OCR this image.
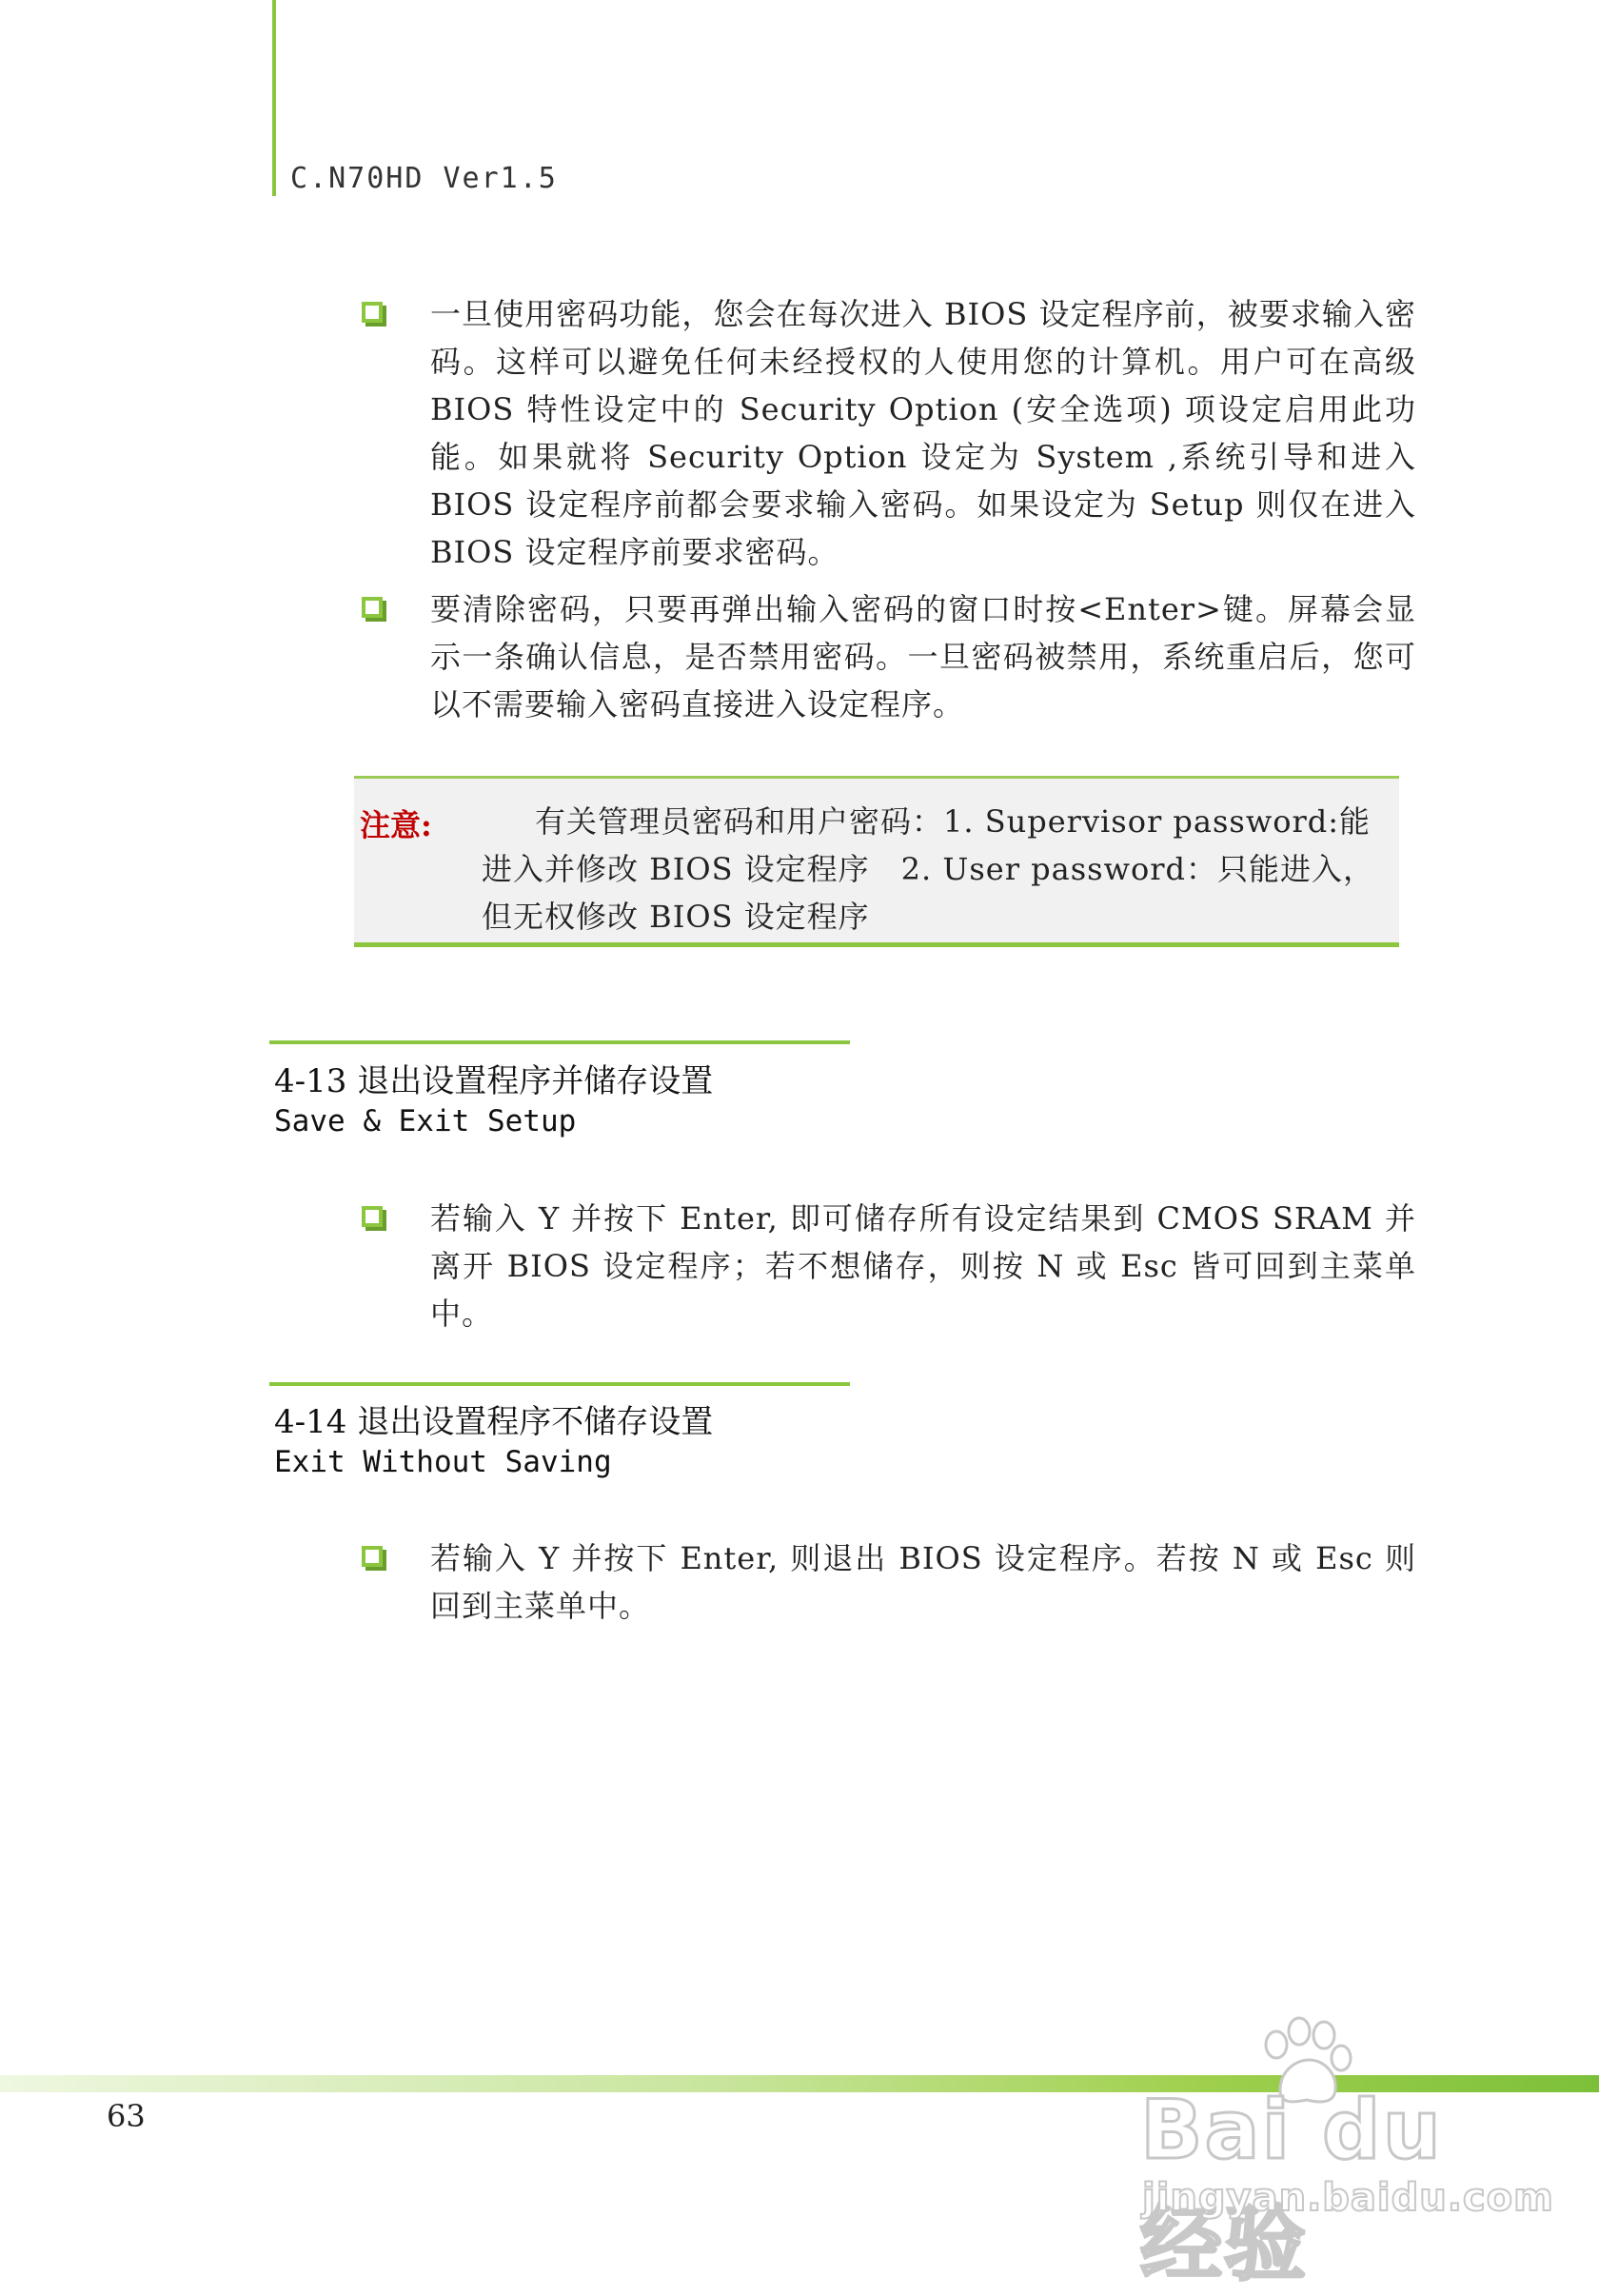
C.N70HD Ver1.5
一旦使用密码功能，您会在每次进入 BIOS 设定程序前，被要求输入密码。这样可以避免任何未经授权的人使用您的计算机。用户可在高级 BIOS 特性设定中的 Security Option (安全选项) 项设定启用此功能。如果就将 Security Option 设定为 System ,系统引导和进入 BIOS 设定程序前都会要求输入密码。如果设定为 Setup 则仅在进入 BIOS 设定程序前要求密码。
要清除密码，只要再弹出输入密码的窗口时按<Enter>键。屏幕会显示一条确认信息，是否禁用密码。一旦密码被禁用，系统重启后，您可以不需要输入密码直接进入设定程序。
注意:	有关管理员密码和用户密码：1. Supervisor password:能进入并修改 BIOS 设定程序　2. User password：只能进入，但无权修改 BIOS 设定程序
4-13 退出设置程序并储存设置
Save & Exit Setup
若输入 Y 并按下 Enter, 即可储存所有设定结果到 CMOS SRAM 并离开 BIOS 设定程序；若不想储存，则按 N 或 Esc 皆可回到主菜单中。
4-14 退出设置程序不储存设置
Exit Without Saving
若输入 Y 并按下 Enter, 则退出 BIOS 设定程序。若按 N 或 Esc 则回到主菜单中。
63	Bai du 经验
jingyan.baidu.com
